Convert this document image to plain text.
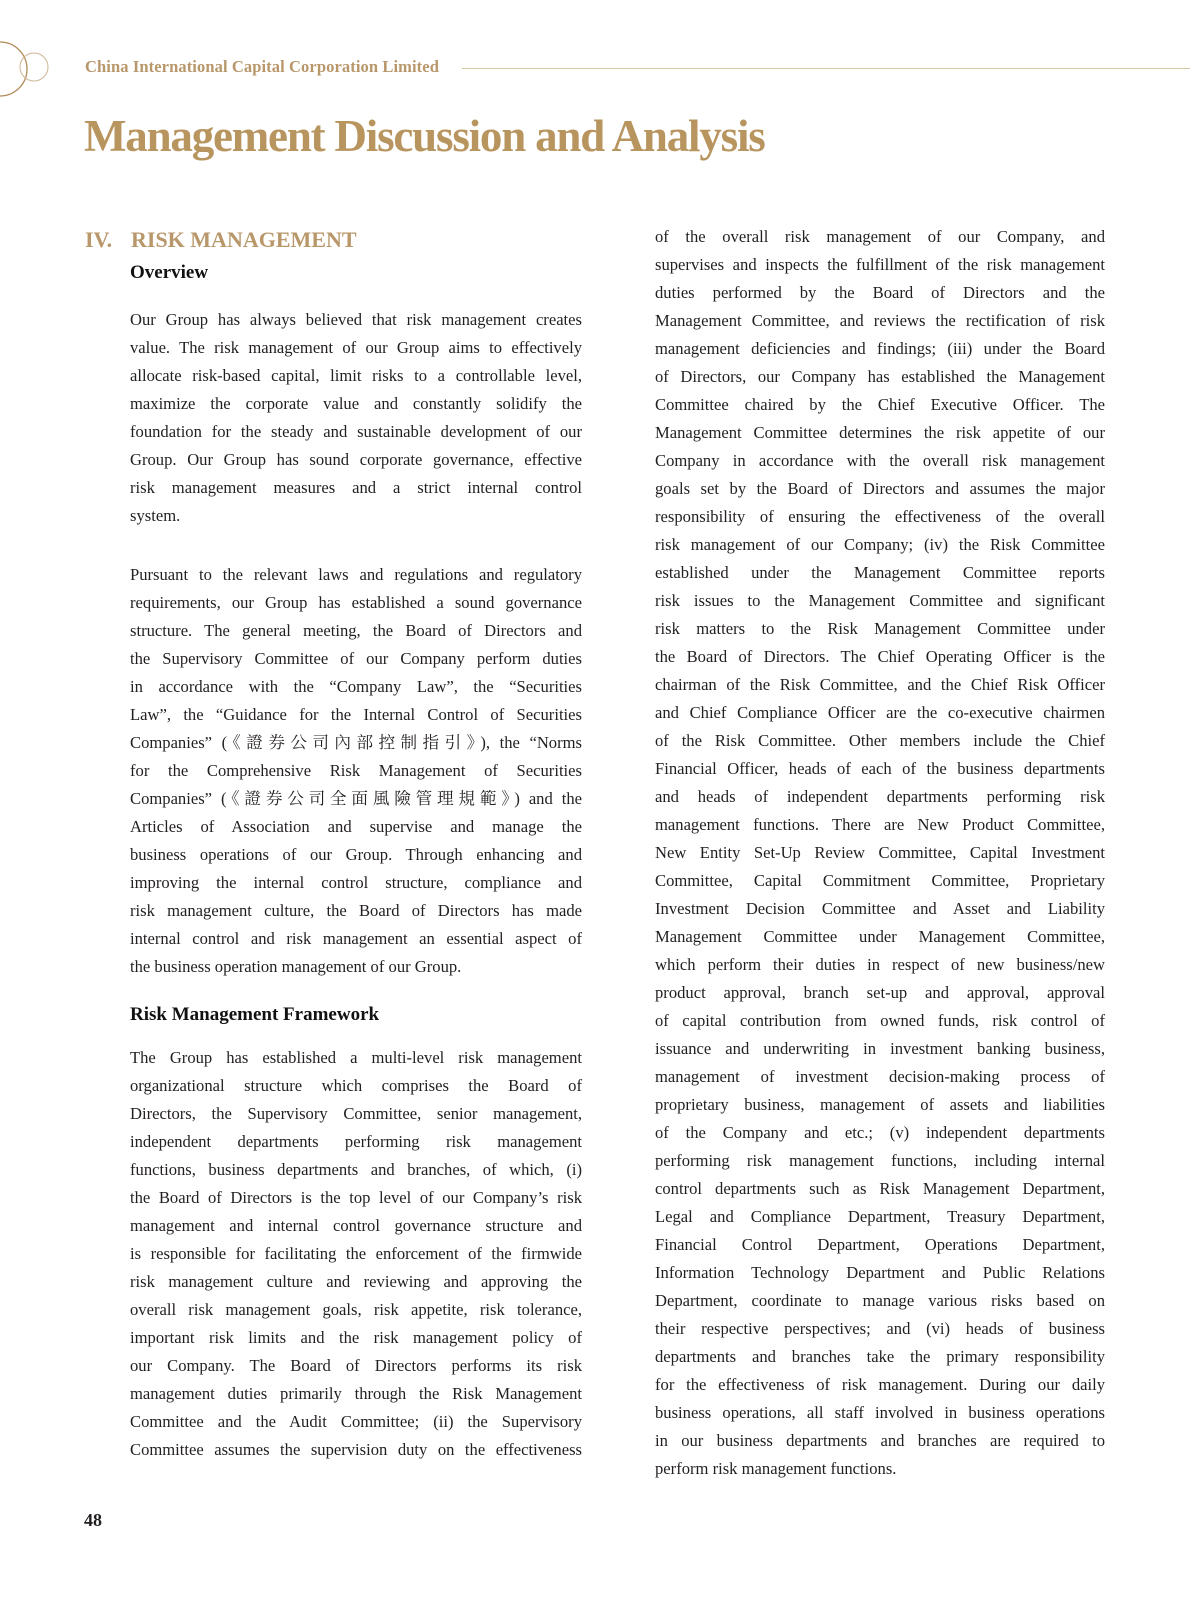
China International Capital Corporation Limited
Management Discussion and Analysis
IV. RISK MANAGEMENT
Overview
Our Group has always believed that risk management creates
value. The risk management of our Group aims to effectively
allocate risk-based capital, limit risks to a controllable level,
maximize the corporate value and constantly solidify the
foundation for the steady and sustainable development of our
Group. Our Group has sound corporate governance, effective
risk management measures and a strict internal control
system.
Pursuant to the relevant laws and regulations and regulatory
requirements, our Group has established a sound governance
structure. The general meeting, the Board of Directors and
the Supervisory Committee of our Company perform duties
in accordance with the “Company Law”, the “Securities
Law”, the “Guidance for the Internal Control of Securities
Companies” (《證券公司內部控制指引》), the “Norms
for the Comprehensive Risk Management of Securities
Companies” (《證券公司全面風險管理規範》) and the
Articles of Association and supervise and manage the
business operations of our Group. Through enhancing and
improving the internal control structure, compliance and
risk management culture, the Board of Directors has made
internal control and risk management an essential aspect of
the business operation management of our Group.
Risk Management Framework
The Group has established a multi-level risk management
organizational structure which comprises the Board of
Directors, the Supervisory Committee, senior management,
independent departments performing risk management
functions, business departments and branches, of which, (i)
the Board of Directors is the top level of our Company’s risk
management and internal control governance structure and
is responsible for facilitating the enforcement of the firmwide
risk management culture and reviewing and approving the
overall risk management goals, risk appetite, risk tolerance,
important risk limits and the risk management policy of
our Company. The Board of Directors performs its risk
management duties primarily through the Risk Management
Committee and the Audit Committee; (ii) the Supervisory
Committee assumes the supervision duty on the effectiveness
of the overall risk management of our Company, and
supervises and inspects the fulfillment of the risk management
duties performed by the Board of Directors and the
Management Committee, and reviews the rectification of risk
management deficiencies and findings; (iii) under the Board
of Directors, our Company has established the Management
Committee chaired by the Chief Executive Officer. The
Management Committee determines the risk appetite of our
Company in accordance with the overall risk management
goals set by the Board of Directors and assumes the major
responsibility of ensuring the effectiveness of the overall
risk management of our Company; (iv) the Risk Committee
established under the Management Committee reports
risk issues to the Management Committee and significant
risk matters to the Risk Management Committee under
the Board of Directors. The Chief Operating Officer is the
chairman of the Risk Committee, and the Chief Risk Officer
and Chief Compliance Officer are the co-executive chairmen
of the Risk Committee. Other members include the Chief
Financial Officer, heads of each of the business departments
and heads of independent departments performing risk
management functions. There are New Product Committee,
New Entity Set-Up Review Committee, Capital Investment
Committee, Capital Commitment Committee, Proprietary
Investment Decision Committee and Asset and Liability
Management Committee under Management Committee,
which perform their duties in respect of new business/new
product approval, branch set-up and approval, approval
of capital contribution from owned funds, risk control of
issuance and underwriting in investment banking business,
management of investment decision-making process of
proprietary business, management of assets and liabilities
of the Company and etc.; (v) independent departments
performing risk management functions, including internal
control departments such as Risk Management Department,
Legal and Compliance Department, Treasury Department,
Financial Control Department, Operations Department,
Information Technology Department and Public Relations
Department, coordinate to manage various risks based on
their respective perspectives; and (vi) heads of business
departments and branches take the primary responsibility
for the effectiveness of risk management. During our daily
business operations, all staff involved in business operations
in our business departments and branches are required to
perform risk management functions.
48
